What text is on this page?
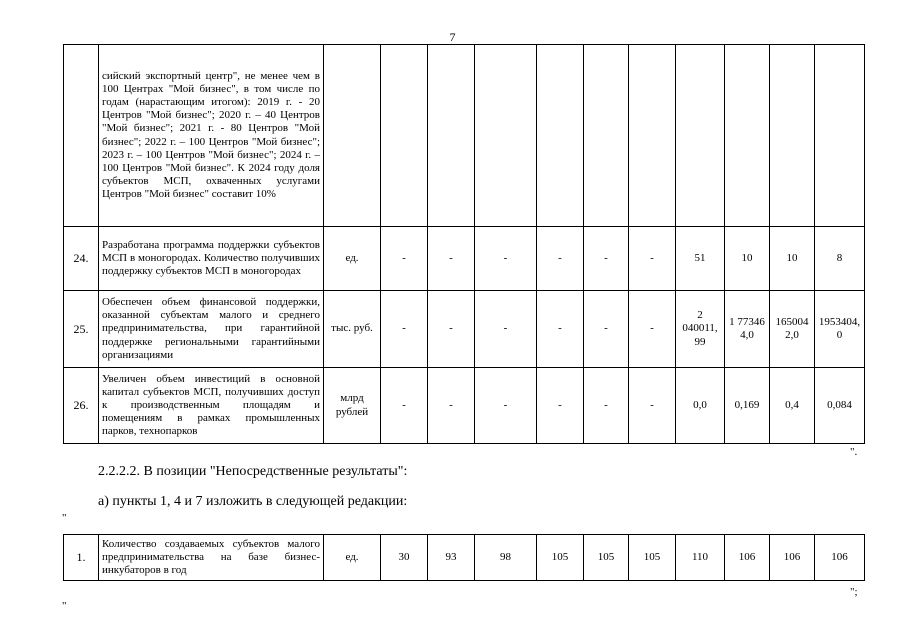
7
	сийский экспортный центр", не менее чем в 100 Центрах "Мой бизнес", в том числе по годам (нарастающим итогом): 2019 г. - 20 Центров "Мой бизнес"; 2020 г. – 40 Центров "Мой бизнес"; 2021 г. - 80 Центров "Мой бизнес"; 2022 г. – 100 Центров "Мой бизнес"; 2023 г. – 100 Центров "Мой бизнес"; 2024 г. – 100 Центров "Мой бизнес". К 2024 году доля субъектов МСП, охваченных услугами Центров "Мой бизнес" составит 10%											
24.	Разработана программа поддержки субъектов МСП в моногородах. Количество получивших поддержку субъектов МСП в моногородах	ед.	-	-	-	-	-	-	51	10	10	8
25.	Обеспечен объем финансовой поддержки, оказанной субъектам малого и среднего предпринимательства, при гарантийной поддержке региональными гарантийными организациями	тыс. руб.	-	-	-	-	-	-	2 040011, 99	1 77346 4,0	165004 2,0	1953404, 0
26.	Увеличен объем инвестиций в основной капитал субъектов МСП, получивших доступ к производственным площадям и помещениям в рамках промышленных парков, технопарков	млрд рублей	-	-	-	-	-	-	0,0	0,169	0,4	0,084
".
2.2.2.2. В позиции "Непосредственные результаты":
а) пункты 1, 4 и 7 изложить в следующей редакции:
"
1.	Количество создаваемых субъектов малого предпринимательства на базе бизнес-инкубаторов в год	ед.	30	93	98	105	105	105	110	106	106	106
";
"
